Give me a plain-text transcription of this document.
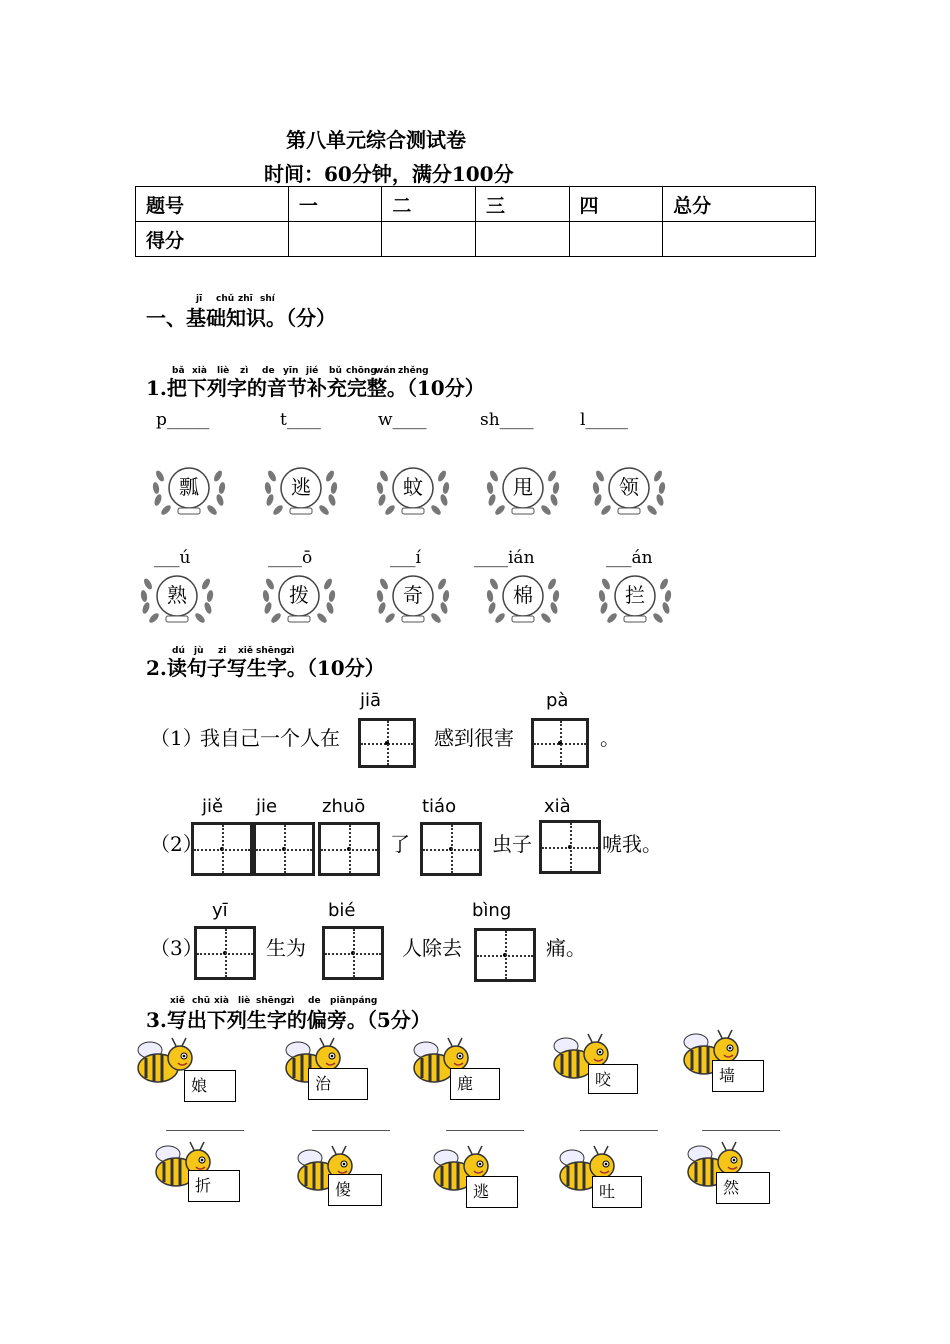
第八单元综合测试卷
时间：60分钟，满分100分
题号	一	二	三	四	总分
得分					
jī chǔ zhī shí
一、基础知识。（分）
bǎ xià liè zì de yīn jié bǔ chōng
wán zhěng
1.把下列字的音节补充完整。（10分）
p_____	t____	w____	sh____	l_____
瓢	逃	蚊	甩	领
___ú	____ō	___í	____ián	___án
熟	拨	奇	棉	拦
dú jù zi xiě shēng zì
2.读句子写生字。（10分）
jiā	pà
（1）
我自己一个人在	感到很害	。
jiě jie zhuō	tiáo	xià
（2）	了	虫子	唬我。
yī	bié	bìng
（3）	生为	人除去	痛。
xiě chū xià liè shēng zì de piān páng
3.写出下列生字的偏旁。（5分）
娘	治	鹿	咬	墙
折	傻	逃	吐	然
